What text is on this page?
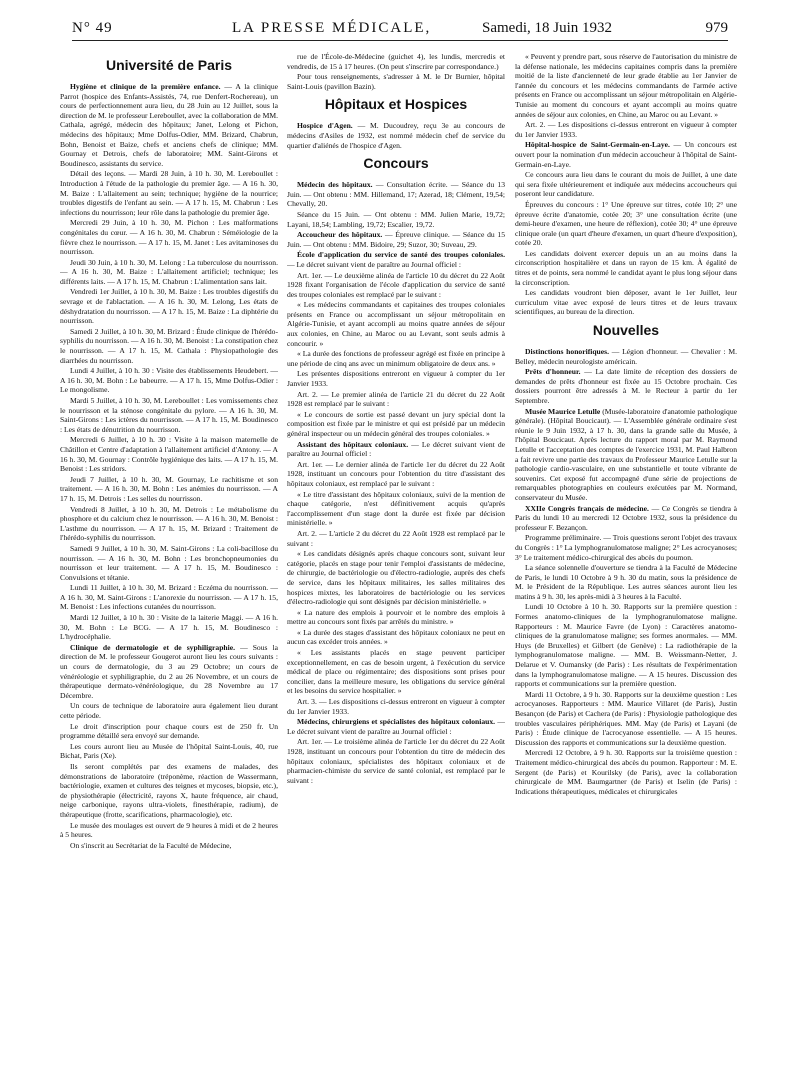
N° 49	LA PRESSE MÉDICALE,	Samedi, 18 Juin 1932	979
Université de Paris

Hygiène et clinique de la première enfance. — A la clinique Parrot (hospice des Enfants-Assistés, 74, rue Denfert-Rochereau), un cours de perfectionnement aura lieu, du 28 Juin au 12 Juillet, sous la direction de M. le professeur Lereboullet, avec la collaboration de MM. Cathala, agrégé, médecin des hôpitaux; Janet, Lelong et Pichon, médecins des hôpitaux; Mme Dolfus-Odier, MM. Brizard, Chabrun, Bohn, Benoist et Baize, chefs et anciens chefs de clinique; MM. Gournay et Detrois, chefs de laboratoire; MM. Saint-Girons et Boudinesco, assistants du service.

Détail des leçons. — Mardi 28 Juin, à 10 h. 30, M. Lereboullet : Introduction à l'étude de la pathologie du premier âge. — A 16 h. 30, M. Baize : L'allaitement au sein; technique; hygiène de la nourrice; troubles digestifs de l'enfant au sein. — A 17 h. 15, M. Chabrun : Les infections du nourrisson; leur rôle dans la pathologie du premier âge.

Mercredi 29 Juin, à 10 h. 30, M. Pichon : Les malformations congénitales du cœur. — A 16 h. 30, M. Chabrun : Séméiologie de la fièvre chez le nourrisson. — A 17 h. 15, M. Janet : Les avitaminoses du nourrisson.

Jeudi 30 Juin, à 10 h. 30, M. Lelong : La tuberculose du nourrisson. — A 16 h. 30, M. Baize : L'allaitement artificiel; technique; les différents laits. — A 17 h. 15, M. Chabrun : L'alimentation sans lait.

Vendredi 1er Juillet, à 10 h. 30, M. Baize : Les troubles digestifs du sevrage et de l'ablactation. — A 16 h. 30, M. Lelong, Les états de déshydratation du nourrisson. — A 17 h. 15, M. Baize : La diphtérie du nourrisson.

Samedi 2 Juillet, à 10 h. 30, M. Brizard : Étude clinique de l'hérédo-syphilis du nourrisson. — A 16 h. 30, M. Benoist : La constipation chez le nourrisson. — A 17 h. 15, M. Cathala : Physiopathologie des diarrhées du nourrisson.

Lundi 4 Juillet, à 10 h. 30 : Visite des établissements Heudebert. — A 16 h. 30, M. Bohn : Le babeurre. — A 17 h. 15, Mme Dolfus-Odier : Le mongolisme.

Mardi 5 Juillet, à 10 h. 30, M. Lereboullet : Les vomissements chez le nourrisson et la sténose congénitale du pylore. — A 16 h. 30, M. Saint-Girons : Les ictères du nourrisson. — A 17 h. 15, M. Boudinesco : Les états de dénutrition du nourrisson.

Mercredi 6 Juillet, à 10 h. 30 : Visite à la maison maternelle de Châtillon et Centre d'adaptation à l'allaitement artificiel d'Antony. — A 16 h. 30, M. Gournay : Contrôle hygiénique des laits. — A 17 h. 15, M. Benoist : Les stridors.

Jeudi 7 Juillet, à 10 h. 30, M. Gournay, Le rachitisme et son traitement. — A 16 h. 30, M. Bohn : Les anémies du nourrisson. — A 17 h. 15, M. Detrois : Les selles du nourrisson.

Vendredi 8 Juillet, à 10 h. 30, M. Detrois : Le métabolisme du phosphore et du calcium chez le nourrisson. — A 16 h. 30, M. Benoist : L'asthme du nourrisson. — A 17 h. 15, M. Brizard : Traitement de l'hérédo-syphilis du nourrisson.

Samedi 9 Juillet, à 10 h. 30, M. Saint-Girons : La coli-bacillose du nourrisson. — A 16 h. 30, M. Bohn : Les bronchopneumonies du nourrisson et leur traitement. — A 17 h. 15, M. Boudinesco : Convulsions et tétanie.

Lundi 11 Juillet, à 10 h. 30, M. Brizard : Eczéma du nourrisson. — A 16 h. 30, M. Saint-Girons : L'anorexie du nourrisson. — A 17 h. 15, M. Benoist : Les infections cutanées du nourrisson.

Mardi 12 Juillet, à 10 h. 30 : Visite de la laiterie Maggi. — A 16 h. 30, M. Bohn : Le BCG. — A 17 h. 15, M. Boudinesco : L'hydrocéphalie.

Clinique de dermatologie et de syphiligraphie. — Sous la direction de M. le professeur Gougerot auront lieu les cours suivants : un cours de dermatologie, du 3 au 29 Octobre; un cours de vénéréologie et syphiligraphie, du 2 au 26 Novembre, et un cours de thérapeutique dermato-vénéréologique, du 28 Novembre au 17 Décembre.

Un cours de technique de laboratoire aura également lieu durant cette période.

Le droit d'inscription pour chaque cours est de 250 fr. Un programme détaillé sera envoyé sur demande.

Les cours auront lieu au Musée de l'hôpital Saint-Louis, 40, rue Bichat, Paris (Xe).

Ils seront complétés par des examens de malades, des démonstrations de laboratoire (tréponème, réaction de Wassermann, bactériologie, examen et cultures des teignes et mycoses, biopsie, etc.), de physiothérapie (électricité, rayons X, haute fréquence, air chaud, neige carbonique, rayons ultra-violets, finesthérapie, radium), de thérapeutique (frotte, scarifications, pharmacologie), etc.

Le musée des moulages est ouvert de 9 heures à midi et de 2 heures à 5 heures.

On s'inscrit au Secrétariat de la Faculté de Médecine,

rue de l'École-de-Médecine (guichet 4), les lundis, mercredis et vendredis, de 15 à 17 heures. (On peut s'inscrire par correspondance.)

Pour tous renseignements, s'adresser à M. le Dr Burnier, hôpital Saint-Louis (pavillon Bazin).

Hôpitaux et Hospices

Hospice d'Agen. — M. Ducoudrey, reçu 3e au concours de médecins d'Asiles de 1932, est nommé médecin chef de service du quartier d'aliénés de l'hospice d'Agen.

Concours

Médecin des hôpitaux. — Consultation écrite. — Séance du 13 Juin. — Ont obtenu : MM. Hillemand, 17; Azerad, 18; Clément, 19,54; Chevally, 20.

Séance du 15 Juin. — Ont obtenu : MM. Julien Marie, 19,72; Layani, 18,54; Lambling, 19,72; Escalier, 19,72.

Accoucheur des hôpitaux. — Épreuve clinique. — Séance du 15 Juin. — Ont obtenu : MM. Bidoire, 29; Suzor, 30; Suveau, 29.

École d'application du service de santé des troupes coloniales. — Le décret suivant vient de paraître au Journal officiel :

Art. 1er. — Le deuxième alinéa de l'article 10 du décret du 22 Août 1928 fixant l'organisation de l'école d'application du service de santé des troupes coloniales est remplacé par le suivant :

« Les médecins commandants et capitaines des troupes coloniales présents en France ou accomplissant un séjour métropolitain en Algérie-Tunisie, et ayant accompli au moins quatre années de séjour aux colonies, en Chine, au Maroc ou au Levant, sont seuls admis à concourir. »

« La durée des fonctions de professeur agrégé est fixée en principe à une période de cinq ans avec un minimum obligatoire de deux ans. »

Les présentes dispositions entreront en vigueur à compter du 1er Janvier 1933.

Art. 2. — Le premier alinéa de l'article 21 du décret du 22 Août 1928 est remplacé par le suivant :

« Le concours de sortie est passé devant un jury spécial dont la composition est fixée par le ministre et qui est présidé par un médecin général inspecteur ou un médecin général des troupes coloniales. »

Assistant des hôpitaux coloniaux. — Le décret suivant vient de paraître au Journal officiel :

Art. 1er. — Le dernier alinéa de l'article 1er du décret du 22 Août 1928, instituant un concours pour l'obtention du titre d'assistant des hôpitaux coloniaux, est remplacé par le suivant :

« Le titre d'assistant des hôpitaux coloniaux, suivi de la mention de chaque catégorie, n'est définitivement acquis qu'après l'accomplissement d'un stage dont la durée est fixée par décision ministérielle. »

Art. 2. — L'article 2 du décret du 22 Août 1928 est remplacé par le suivant :

« Les candidats désignés après chaque concours sont, suivant leur catégorie, placés en stage pour tenir l'emploi d'assistants de médecine, de chirurgie, de bactériologie ou d'électro-radiologie, auprès des chefs de service, dans les hôpitaux militaires, les salles militaires des hospices mixtes, les laboratoires de bactériologie ou les services d'électro-radiologie qui sont désignés par décision ministérielle. »

« La nature des emplois à pourvoir et le nombre des emplois à mettre au concours sont fixés par arrêtés du ministre. »

« La durée des stages d'assistant des hôpitaux coloniaux ne peut en aucun cas excéder trois années. »

« Les assistants placés en stage peuvent participer exceptionnellement, en cas de besoin urgent, à l'exécution du service médical de place ou régimentaire; des dispositions sont prises pour concilier, dans la meilleure mesure, les obligations du service général et les besoins du service hospitalier. »

Art. 3. — Les dispositions ci-dessus entreront en vigueur à compter du 1er Janvier 1933.

Médecins, chirurgiens et spécialistes des hôpitaux coloniaux. — Le décret suivant vient de paraître au Journal officiel :

Art. 1er. — Le troisième alinéa de l'article 1er du décret du 22 Août 1928, instituant un concours pour l'obtention du titre de médecin des hôpitaux coloniaux, spécialistes des hôpitaux coloniaux et de pharmacien-chimiste du service de santé colonial, est remplacé par le suivant :

« Peuvent y prendre part, sous réserve de l'autorisation du ministre de la défense nationale, les médecins capitaines compris dans la première moitié de la liste d'ancienneté de leur grade établie au 1er Janvier de l'année du concours et les médecins commandants de l'armée active présents en France ou accomplissant un séjour métropolitain en Algérie-Tunisie au moment du concours et ayant accompli au moins quatre années de séjour aux colonies, en Chine, au Maroc ou au Levant. »

Art. 2. — Les dispositions ci-dessus entreront en vigueur à compter du 1er Janvier 1933.

Hôpital-hospice de Saint-Germain-en-Laye. — Un concours est ouvert pour la nomination d'un médecin accoucheur à l'hôpital de Saint-Germain-en-Laye.

Ce concours aura lieu dans le courant du mois de Juillet, à une date qui sera fixée ultérieurement et indiquée aux médecins accoucheurs qui poseront leur candidature.

Épreuves du concours : 1° Une épreuve sur titres, cotée 10; 2° une épreuve écrite d'anatomie, cotée 20; 3° une consultation écrite (une demi-heure d'examen, une heure de réflexion), cotée 30; 4° une épreuve clinique orale (un quart d'heure d'examen, un quart d'heure d'exposition), cotée 20.

Les candidats doivent exercer depuis un an au moins dans la circonscription hospitalière et dans un rayon de 15 km. À égalité de titres et de points, sera nommé le candidat ayant le plus long séjour dans la circonscription.

Les candidats voudront bien déposer, avant le 1er Juillet, leur curriculum vitae avec exposé de leurs titres et de leurs travaux scientifiques, au bureau de la direction.

Nouvelles

Distinctions honorifiques. — Légion d'honneur. — Chevalier : M. Belley, médecin neurologiste américain.

Prêts d'honneur. — La date limite de réception des dossiers de demandes de prêts d'honneur est fixée au 15 Octobre prochain. Ces dossiers pourront être adressés à M. le Recteur à partir du 1er Septembre.

Musée Maurice Letulle (Musée-laboratoire d'anatomie pathologique générale). (Hôpital Boucicaut). — L'Assemblée générale ordinaire s'est réunie le 9 Juin 1932, à 17 h. 30, dans la grande salle du Musée, à l'hôpital Boucicaut. Après lecture du rapport moral par M. Raymond Letulle et l'acceptation des comptes de l'exercice 1931, M. Paul Halbron a fait revivre une partie des travaux du Professeur Maurice Letulle sur la pathologie cardio-vasculaire, en une substantielle et toute vibrante de souvenirs. Cet exposé fut accompagné d'une série de projections de remarquables photographies en couleurs exécutées par M. Normand, conservateur du Musée.

XXIIe Congrès français de médecine. — Ce Congrès se tiendra à Paris du lundi 10 au mercredi 12 Octobre 1932, sous la présidence du professeur F. Bezançon.

Programme préliminaire. — Trois questions seront l'objet des travaux du Congrès : 1° La lymphogranulomatose maligne; 2° Les acrocyanoses; 3° Le traitement médico-chirurgical des abcès du poumon.

La séance solennelle d'ouverture se tiendra à la Faculté de Médecine de Paris, le lundi 10 Octobre à 9 h. 30 du matin, sous la présidence de M. le Président de la République. Les autres séances auront lieu les matins à 9 h. 30, les après-midi à 3 heures à la Faculté.

Lundi 10 Octobre à 10 h. 30. Rapports sur la première question : Formes anatomo-cliniques de la lymphogranulomatose maligne. Rapporteurs : M. Maurice Favre (de Lyon) : Caractères anatomo-cliniques de la granulomatose maligne; ses formes anormales. — MM. Huys (de Bruxelles) et Gilbert (de Genève) : La radiothérapie de la lymphogranulomatose maligne. — MM. B. Weissmann-Netter, J. Delarue et V. Oumansky (de Paris) : Les résultats de l'expérimentation dans la lymphogranulomatose maligne. — A 15 heures. Discussion des rapports et communications sur la première question.

Mardi 11 Octobre, à 9 h. 30. Rapports sur la deuxième question : Les acrocyanoses. Rapporteurs : MM. Maurice Villaret (de Paris), Justin Besançon (de Paris) et Cachera (de Paris) : Physiologie pathologique des troubles vasculaires périphériques. MM. May (de Paris) et Layani (de Paris) : Étude clinique de l'acrocyanose essentielle. — A 15 heures. Discussion des rapports et communications sur la deuxième question.

Mercredi 12 Octobre, à 9 h. 30. Rapports sur la troisième question : Traitement médico-chirurgical des abcès du poumon. Rapporteur : M. E. Sergent (de Paris) et Kourilsky (de Paris), avec la collaboration chirurgicale de MM. Baumgartner (de Paris) et Iselin (de Paris) : Indications thérapeutiques, médicales et chirurgicales
